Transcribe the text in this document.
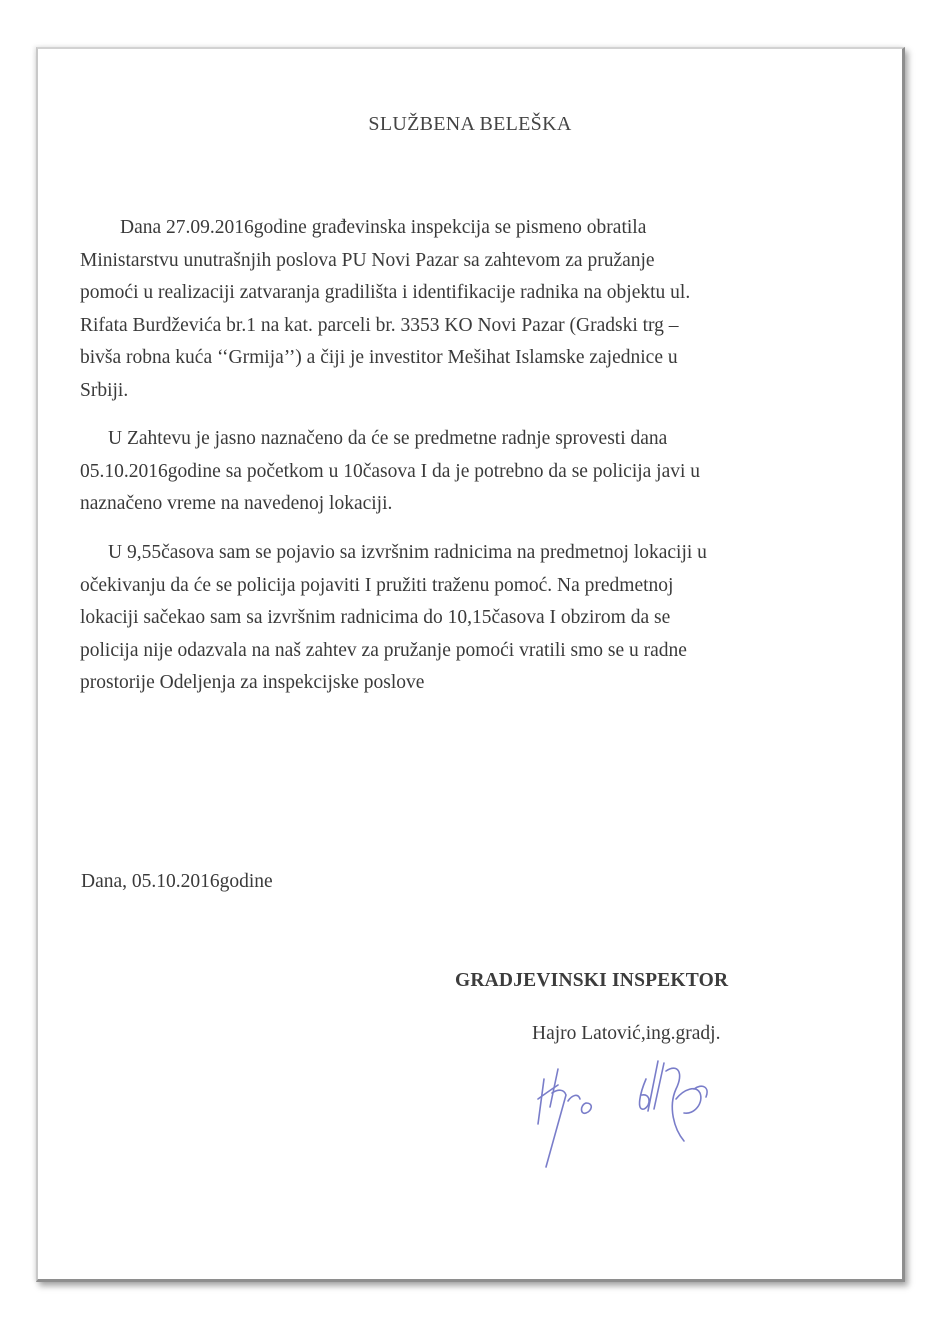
SLUŽBENA BELEŠKA
Dana 27.09.2016godine građevinska inspekcija se pismeno obratila
Ministarstvu unutrašnjih poslova PU Novi Pazar sa zahtevom za pružanje
pomoći u realizaciji zatvaranja gradilišta i identifikacije radnika na objektu ul.
Rifata Burdževića br.1 na kat. parceli br. 3353 KO Novi Pazar (Gradski trg –
bivša robna kuća ‘‘Grmija’’) a čiji je investitor Mešihat Islamske zajednice u
Srbiji.
U Zahtevu je jasno naznačeno da će se predmetne radnje sprovesti dana
05.10.2016godine sa početkom u 10časova I da je potrebno da se policija javi u
naznačeno vreme na navedenoj lokaciji.
U 9,55časova sam se pojavio sa izvršnim radnicima na predmetnoj lokaciji u
očekivanju da će se policija pojaviti I pružiti traženu pomoć. Na predmetnoj
lokaciji sačekao sam sa izvršnim radnicima do 10,15časova I obzirom da se
policija nije odazvala na naš zahtev za pružanje pomoći vratili smo se u radne
prostorije Odeljenja za inspekcijske poslove
Dana, 05.10.2016godine
GRADJEVINSKI INSPEKTOR
Hajro Latović,ing.gradj.
